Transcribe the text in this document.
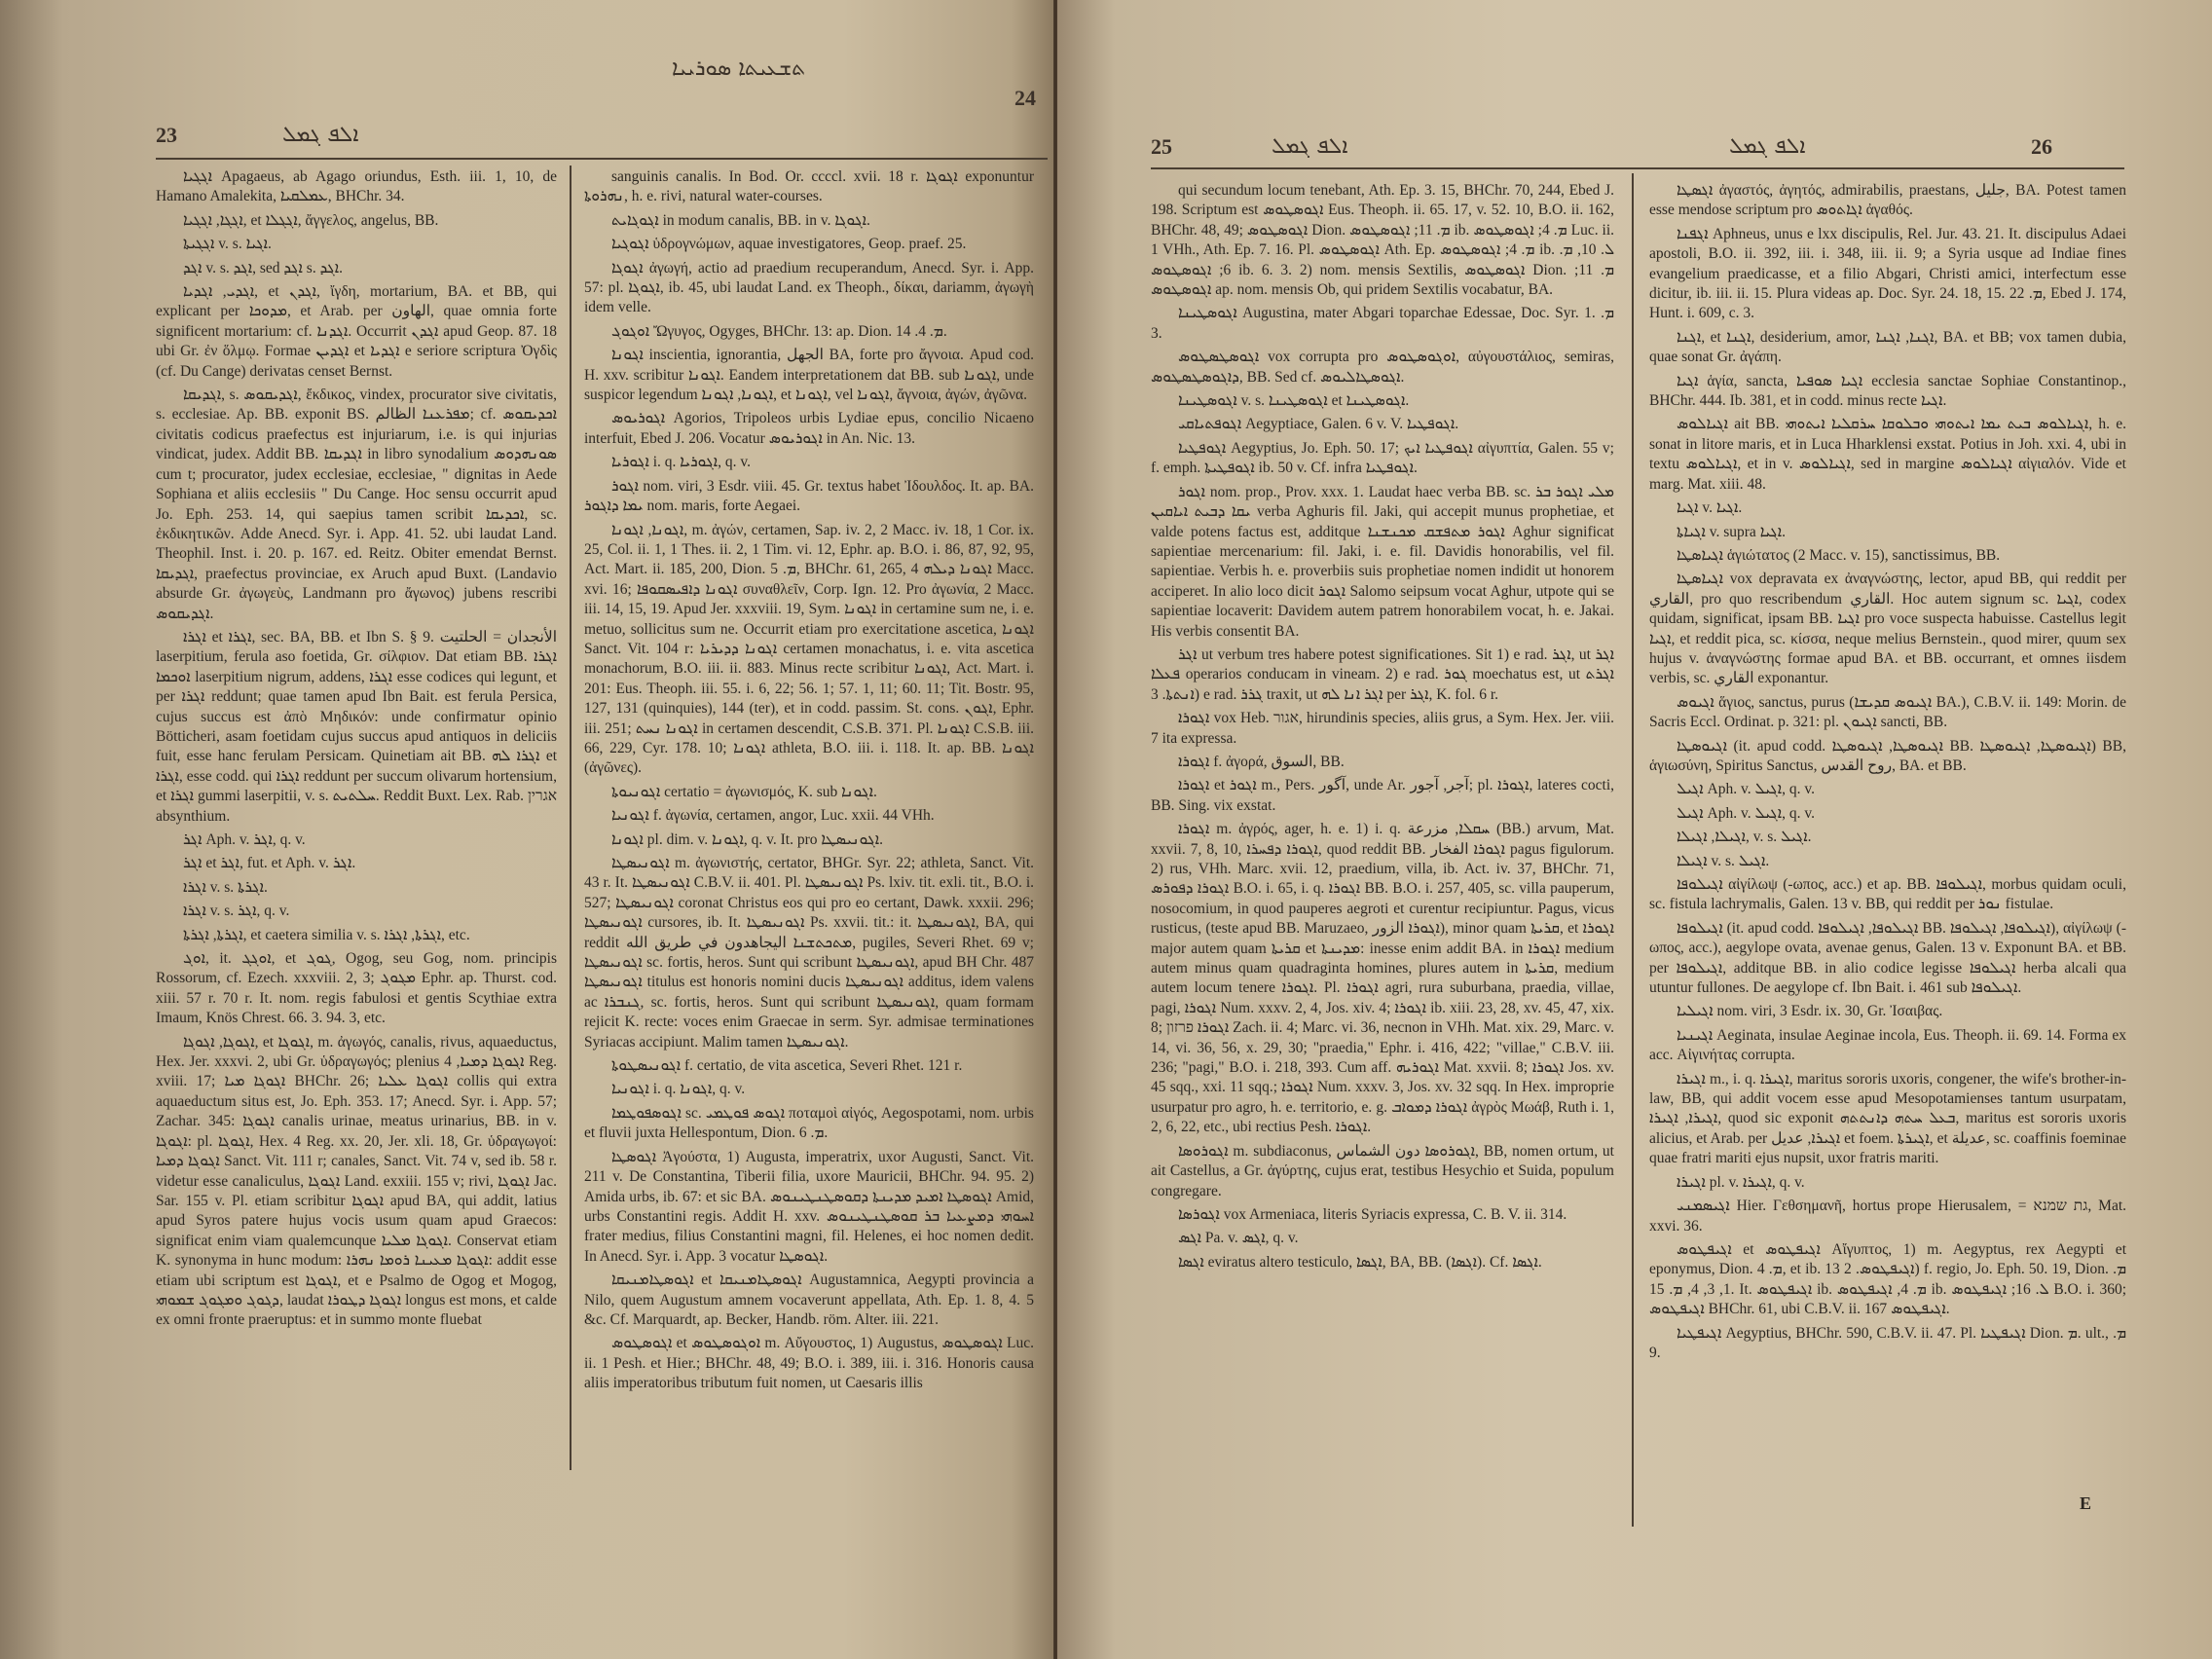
ܬܫܥܝܬܐ ܣܘܪܝܝܐ
23	ܐܠܦ ܓܡܠ
24

ܐܓܓܝܐ Apagaeus, ab Agago oriundus, Esth. iii. 1, 10, de Hamano Amalekita, ܥܡܠܩܝܐ, BHChr. 34.

ܐܓܓܐ, ܐܓܓܝܐ, et ܐܓܓܠܐ, ἄγγελος, angelus, BB.

ܐܓܓܝܬܐ v. s. ܐܓܝܐ.

ܐܓܕ v. s. ܐܓܕ, sed ܐܓܕ s. ܐܓܕ.

ܐܓܕܝ, ܐܓܕܝܐ, et ܐܓܕܢ, ἴγδη, mortarium, BA. et BB, qui explicant per ܡܕܘܟܐ, et Arab. per الهاون, quae omnia forte significent mortarium: cf. ܐܓܕܢܐ. Occurrit ܐܓܕܢ apud Geop. 87. 18 ubi Gr. ἐν ὅλμῳ. Formae ܐܓܕܝܢ et ܐܓܕܝܐ e seriore scriptura Ὀγδὶς (cf. Du Cange) derivatas censet Bernst.

ܐܓܕܝܩܐ, s. ܐܓܕܝܩܘܣ, ἔκδικος, vindex, procurator sive civitatis, s. ecclesiae. Ap. BB. exponit BS. ܡܦܪܥܢܐ الظالم; cf. ܐܟܕܝܩܘܣ civitatis codicus praefectus est injuriarum, i.e. is qui injurias vindicat, judex. Addit BB. ܐܓܕܝܩܐ in libro synodalium ܣܘܢܗܕܘܣ cum t; procurator, judex ecclesiae, ecclesiae, " dignitas in Aede Sophiana et aliis ecclesiis " Du Cange. Hoc sensu occurrit apud Jo. Eph. 253. 14, qui saepius tamen scribit ܐܟܕܝܩܐ, sc. ἐκδικητικῶν. Adde Anecd. Syr. i. App. 41. 52. ubi laudat Land. Theophil. Inst. i. 20. p. 167. ed. Reitz. Obiter emendat Bernst. ܐܓܕܝܩܐ, praefectus provinciae, ex Aruch apud Buxt. (Landavio absurde Gr. ἀγωγεὺς, Landmann pro ἄγωνος) jubens rescribi ܐܓܕܝܩܘܣ.

ܐܓܪܐ et ܐܓܪܐ, sec. BA, BB. et Ibn S. § 9. الأنجدان = الحلتيت laserpitium, ferula aso foetida, Gr. σίλφιον. Dat etiam BB. ܐܓܪܐ ܐܘܟܡܐ laserpitium nigrum, addens, ܐܓܪܐ esse codices qui legunt, et per ܐܓܪܐ reddunt; quae tamen apud Ibn Bait. est ferula Persica, cujus succus est ἀπὸ Μηδικόν: unde confirmatur opinio Bötticheri, asam foetidam cujus succus apud antiquos in deliciis fuit, esse hanc ferulam Persicam. Quinetiam ait BB. ܐܓܪܐ ܠܗ et ܐܓܪܐ, esse codd. qui ܐܓܪܐ reddunt per succum olivarum hortensium, et ܐܓܪܐ gummi laserpitii, v. s. ܚܠܬܝܬ. Reddit Buxt. Lex. Rab. אגרין absynthium.

ܐܓܪ Aph. v. ܐܓܪ, q. v.

ܐܓܪ et ܐܓܪ, fut. et Aph. v. ܐܓܪ.

ܐܓܪܐ v. s. ܐܓܪܬܐ.

ܐܓܪܐ v. s. ܐܓܪ, q. v.

ܐܓܪܬܐ, ܐܓܪܬܐ, et caetera similia v. s. ܐܓܪܬܐ, ܐܓܪܐ, etc.

ܐܘܓ, it. ܐܘܓܓ, et ܓܘܓ, Ogog, seu Gog, nom. principis Rossorum, cf. Ezech. xxxviii. 2, 3; ܡܓܘܓ Ephr. ap. Thurst. cod. xiii. 57 r. 70 r. It. nom. regis fabulosi et gentis Scythiae extra Imaum, Knös Chrest. 66. 3. 94. 3, etc.

ܐܓܘܓܐ, ܐܓܘܓܐ, et ܐܓܘܓܐ, m. ἀγωγός, canalis, rivus, aquaeductus, Hex. Jer. xxxvi. 2, ubi Gr. ὑδραγωγός; plenius ܐܓܘܓܐ ܕܡܝܐ, 4 Reg. xviii. 17; ܐܓܘܓܐ ܡܝܐ BHChr. 26; ܐܓܘܓܐ ܥܠܝܐ collis qui extra aquaeductum situs est, Jo. Eph. 353. 17; Anecd. Syr. i. App. 57; Zachar. 345: ܐܓܘܓܐ canalis urinae, meatus urinarius, BB. in v. ܐܓܘܓܐ: pl. ܐܓܘܓܐ, Hex. 4 Reg. xx. 20, Jer. xli. 18, Gr. ὑδραγωγοί: ܐܓܘܓܐ ܕܡܝܐ Sanct. Vit. 111 r; canales, Sanct. Vit. 74 v, sed ib. 58 r. videtur esse canaliculus, ܐܓܘܓܐ Land. exxiii. 155 v; rivi, ܐܓܘܓܐ Jac. Sar. 155 v. Pl. etiam scribitur ܐܓܘܓܐ apud BA, qui addit, latius apud Syros patere hujus vocis usum quam apud Graecos: significat enim viam qualemcunque ܐܓܘܓܐ ܡܠܝܐ. Conservat etiam K. synonyma in hunc modum: ܐܓܘܓܐ ܡܥܝܢܐ ܪܘܡܐ ܢܗܪܐ: addit esse etiam ubi scriptum est ܐܓܘܓܐ, et e Psalmo de Ogog et Mogog, ܕܓܘܓ ܘܡܓܘܓ ܫܡܘܗܝ, laudat ܐܓܘܓܐ ܕܛܘܪܐ longus est mons, et calde ex omni fronte praeruptus: et in summo monte fluebat

sanguinis canalis. In Bod. Or. ccccl. xvii. 18 r. ܐܓܘܓܐ exponuntur ܢܗܪܘܬܐ, h. e. rivi, natural water-courses.

ܐܓܘܓܐܝܬ in modum canalis, BB. in v. ܐܓܘܓܐ.

ܐܓܘܓܝܐ ὑδρογνώμων, aquae investigatores, Geop. praef. 25.

ܐܓܘܓܐ ἀγωγή, actio ad praedium recuperandum, Anecd. Syr. i. App. 57: pl. ܐܓܘܓܐ, ib. 45, ubi laudat Land. ex Theoph., δίκαι, dariamm, ἀγωγὴ idem velle.

ܐܘܓܘܓ Ὤγυγος, Ogyges, BHChr. 13: ap. Dion. ܡ. 4. 14.

ܐܓܘܢܐ inscientia, ignorantia, الجهل BA, forte pro ἄγνοια. Apud cod. H. xxv. scribitur ܐܓܘܢܐ. Eandem interpretationem dat BB. sub ܐܓܘܢܐ, unde suspicor legendum ܐܓܘܢܐ, ܐܓܘܢܐ, et ܐܓܘܢܐ, vel ܐܓܘܢܐ, ἄγνοια, ἀγών, ἀγῶνα.

ܐܓܘܪܝܘܣ Agorios, Tripoleos urbis Lydiae epus, concilio Nicaeno interfuit, Ebed J. 206. Vocatur ܐܓܘܪܝܘܣ in An. Nic. 13.

ܐܓܘܪܝܐ i. q. ܐܓܘܪܝܐ, q. v.

ܐܓܘܪ nom. viri, 3 Esdr. viii. 45. Gr. textus habet Ἰδουλδος. It. ap. BA. ܝܡܐ ܕܐܓܘܪ nom. maris, forte Aegaei.

ܐܓܘܢܐ, ܐܓܘܢܐ, m. ἀγών, certamen, Sap. iv. 2, 2 Macc. iv. 18, 1 Cor. ix. 25, Col. ii. 1, 1 Thes. ii. 2, 1 Tim. vi. 12, Ephr. ap. B.O. i. 86, 87, 92, 95, Act. Mart. ii. 185, 200, Dion. ܡ. 5, BHChr. 61, 265, ܐܓܘܢܐ ܕܝܠܗ 4 Macc. xvi. 16; ܐܓܘܢܐ ܕܐܦܝܣܩܘܦܐ συναθλεῖν, Corp. Ign. 12. Pro ἀγωνία, 2 Macc. iii. 14, 15, 19. Apud Jer. xxxviii. 19, Sym. ܐܓܘܢܐ in certamine sum ne, i. e. metuo, sollicitus sum ne. Occurrit etiam pro exercitatione ascetica, ܐܓܘܢܐ Sanct. Vit. 104 r: ܐܓܘܢܐ ܕܕܝܪܝܐ certamen monachatus, i. e. vita ascetica monachorum, B.O. iii. ii. 883. Minus recte scribitur ܐܓܘܢܐ, Act. Mart. i. 201: Eus. Theoph. iii. 55. i. 6, 22; 56. 1; 57. 1, 11; 60. 11; Tit. Bostr. 95, 127, 131 (quinquies), 144 (ter), et in codd. passim. St. cons. ܐܓܘܢ, Ephr. iii. 251; ܐܓܘܢܐ ܢܚܬ in certamen descendit, C.S.B. 371. Pl. ܐܓܘܢܐ C.S.B. iii. 66, 229, Cyr. 178. 10; ܐܓܘܢܐ athleta, B.O. iii. i. 118. It. ap. BB. ܐܓܘܢܐ (ἀγῶνες).

ܐܓܘܢܝܘܬܐ certatio = ἀγωνισμός, K. sub ܐܓܘܢܐ.

ܐܓܘܢܝܐ f. ἀγωνία, certamen, angor, Luc. xxii. 44 VHh.

ܐܓܘܢܐ pl. dim. v. ܐܓܘܢܐ, q. v. It. pro ܐܓܘܢܝܣܛܐ.

ܐܓܘܢܝܣܛܐ m. ἀγωνιστής, certator, BHGr. Syr. 22; athleta, Sanct. Vit. 43 r. It. ܐܓܘܢܝܣܛܐ C.B.V. ii. 401. Pl. ܐܓܘܢܝܣܛܐ Ps. lxiv. tit. exli. tit., B.O. i. 527; ܐܓܘܢܝܣܛܐ coronat Christus eos qui pro eo certant, Dawk. xxxii. 296; ܐܓܘܢܝܣܛܐ cursores, ib. It. ܐܓܘܢܝܣܛܐ Ps. xxvii. tit.: it. ܐܓܘܢܝܣܛܐ, BA, qui reddit ܡܬܟܬܫܢܐ اليجاهدون في طريق الله, pugiles, Severi Rhet. 69 v; ܐܓܘܢܝܣܛܐ sc. fortis, heros. Sunt qui scribunt ܐܓܘܢܝܣܛܐ, apud BH Chr. 487 ܐܓܘܢܝܣܛܐ titulus est honoris nomini ducis ܐܓܘܢܝܣܛܐ additus, idem valens ac ܓܢܒܪܐ, sc. fortis, heros. Sunt qui scribunt ܐܓܘܢܝܣܛܐ, quam formam rejicit K. recte: voces enim Graecae in serm. Syr. admisae terminationes Syriacas accipiunt. Malim tamen ܐܓܘܢܝܣܛܐ.

ܐܓܘܢܝܣܛܘܬܐ f. certatio, de vita ascetica, Severi Rhet. 121 r.

ܐܓܘܢܝܐ i. q. ܐܓܘܢܐ, q. v.

ܐܓܘܣܦܘܛܡܐ sc. ܐܓܘܣ ܦܘܛܡܝ ποταμοὶ αἰγός, Aegospotami, nom. urbis et fluvii juxta Hellespontum, Dion. ܡ. 6.

ܐܓܘܣܛܐ Ἀγούστα, 1) Augusta, imperatrix, uxor Augusti, Sanct. Vit. 211 v. De Constantina, Tiberii filia, uxore Mauricii, BHChr. 94. 95. 2) Amida urbs, ib. 67: et sic BA. ܐܓܘܣܛܐ ܐܡܝܕ ܡܕܝܢܬܐ ܕܩܘܣܛܢܛܝܢܘܣ Amid, urbs Constantini regis. Addit H. xxv. ܐܚܘܗܝ ܕܡܨܥܝܐ ܒܪ ܩܘܣܛܢܛܝܢܘܣ frater medius, filius Constantini magni, fil. Helenes, ei hoc nomen dedit. In Anecd. Syr. i. App. 3 vocatur ܐܓܘܣܛܐ.

ܐܓܘܣܛܐܡܢܝܩܐ et ܐܓܘܣܛܐܡܢܝܩܐ Augustamnica, Aegypti provincia a Nilo, quem Augustum amnem vocaverunt appellata, Ath. Ep. 1. 8, 4. 5 &c. Cf. Marquardt, ap. Becker, Handb. röm. Alter. iii. 221.

ܐܓܘܣܛܘܣ et ܐܘܓܘܣܛܘܣ m. Αὔγουστος, 1) Augustus, ܐܓܘܣܛܘܣ Luc. ii. 1 Pesh. et Hier.; BHChr. 48, 49; B.O. i. 389, iii. i. 316. Honoris causa aliis imperatoribus tributum fuit nomen, ut Caesaris illis

25	ܐܠܦ ܓܡܠ	ܐܠܦ ܓܡܠ	26

qui secundum locum tenebant, Ath. Ep. 3. 15, BHChr. 70, 244, Ebed J. 198. Scriptum est ܐܓܘܣܛܘܣ Eus. Theoph. ii. 65. 17, v. 52. 10, B.O. ii. 162, BHChr. 48, 49; ܐܓܘܣܛܘܣ Dion. ܡ. 11; ܐܓܘܣܛܘܣ ib. ܡ. 4; ܐܓܘܣܛܘܣ Luc. ii. 1 VHh., Ath. Ep. 7. 16. Pl. ܐܓܘܣܛܘܣ Ath. Ep. ܡ. 4; ܐܓܘܣܛܘܣ ib. ܠ. 10, ܡ. 6; ܐܓܘܣܛܘܣ ib. 6. 3. 2) nom. mensis Sextilis, ܐܓܘܣܛܘܣ Dion. ܡ. 11; ܐܓܘܣܛܘܣ ap. nom. mensis Ob, qui pridem Sextilis vocabatur, BA.

ܐܓܘܣܛܝܢܐ Augustina, mater Abgari toparchae Edessae, Doc. Syr. 1. ܡ. 3.

ܐܓܘܣܛܣܛܘܣ vox corrupta pro ܐܘܓܘܣܛܘܣ, αὐγουστάλιος, semiras, ܕܐܓܘܣܛܣܛܘܣ, BB. Sed cf. ܐܓܘܣܛܐܠܝܘܣ.

ܐܓܘܣܛܝܢܐ v. s. ܐܓܘܣܛܝܢܐ et ܐܓܘܣܛܝܢܐ.

ܐܓܘܦܬܝܐܩܝ Aegyptiace, Galen. 6 v. V. ܐܓܘܦܛܝܐ.

ܐܓܘܦܛܝܐ Aegyptius, Jo. Eph. 50. 17; ܐܓܘܦܛܝܐ ܐܝܟ αἰγυπτία, Galen. 55 v; f. emph. ܐܓܘܦܛܝܬܐ ib. 50 v. Cf. infra ܐܓܘܦܛܝܐ.

ܐܓܘܪ nom. prop., Prov. xxx. 1. Laudat haec verba BB. sc. ܡܠܝ ܐܓܘܪ ܒܪ ܝܩܐ ܕܒܝܬ ܐܝܐܩܝܢ verba Aghuris fil. Jaki, qui accepit munus prophetiae, et valde potens factus est, additque ܐܓܘܪ ܡܬܦܫܩ ܡܟܢܫܢܐ Aghur significat sapientiae mercenarium: fil. Jaki, i. e. fil. Davidis honorabilis, vel fil. sapientiae. Verbis h. e. proverbiis suis prophetiae nomen indidit ut honorem acciperet. In alio loco dicit ܐܓܘܪ Salomo seipsum vocat Aghur, utpote qui se sapientiae locaverit: Davidem autem patrem honorabilem vocat, h. e. Jakai. His verbis consentit BA.

ܐܓܪ ut verbum tres habere potest significationes. Sit 1) e rad. ܐܓܪ, ut ܐܓܪ ܦܥܠܐ operarios conducam in vineam. 2) e rad. ܓܘܪ moechatus est, ut ܐܓܪܬ ܐܢܬܬܐ. 3) e rad. ܓܪܪ traxit, ut ܐܓܪ ܐܢܐ ܠܗ per ܐܓܪ, K. fol. 6 r.

ܐܓܘܪܐ vox Heb. אגור, hirundinis species, aliis grus, a Sym. Hex. Jer. viii. 7 ita expressa.

ܐܓܘܪܐ f. ἀγορά, السوق, BB.

ܐܓܘܪܐ et ܐܓܘܪ m., Pers. آگور, unde Ar. آجر, آجور; pl. ܐܓܘܪܐ, lateres cocti, BB. Sing. vix exstat.

ܐܓܘܪܐ m. ἀγρός, ager, h. e. 1) i. q. ܚܩܠܐ, مزرعة (BB.) arvum, Mat. xxvii. 7, 8, 10, ܐܓܘܪܐ ܕܦܚܪܐ, quod reddit BB. ܐܓܘܪܐ الفخار pagus figulorum. 2) rus, VHh. Marc. xvii. 12, praedium, villa, ib. Act. iv. 37, BHChr. 71, ܐܓܘܪܐ ܕܦܘܪܣ B.O. i. 65, i. q. ܐܓܘܪܐ BB. B.O. i. 257, 405, sc. villa pauperum, nosocomium, in quod pauperes aegroti et curentur recipiuntur. Pagus, vicus rusticus, (teste apud BB. Maruzaeo, ܐܓܘܪܐ الزور), minor quam ܩܪܝܬܐ, et ܐܓܘܪܐ major autem quam ܩܪܝܬܐ et ܡܕܝܢܬܐ: inesse enim addit BA. in ܐܓܘܪܐ medium autem minus quam quadraginta homines, plures autem in ܩܪܝܬܐ, medium autem locum tenere ܐܓܘܪܐ. Pl. ܐܓܘܪܐ agri, rura suburbana, praedia, villae, pagi, ܐܓܘܪܐ Num. xxxv. 2, 4, Jos. xiv. 4; ܐܓܘܪܐ ib. xiii. 23, 28, xv. 45, 47, xix. 8; ܐܓܘܪܐ פרזון Zach. ii. 4; Marc. vi. 36, necnon in VHh. Mat. xix. 29, Marc. v. 14, vi. 36, 56, x. 29, 30; "praedia," Ephr. i. 416, 422; "villae," C.B.V. iii. 236; "pagi," B.O. i. 218, 393. Cum aff. ܐܓܘܪܝܗ Mat. xxvii. 8; ܐܓܘܪܐ Jos. xv. 45 sqq., xxi. 11 sqq.; ܐܓܘܪܐ Num. xxxv. 3, Jos. xv. 32 sqq. In Hex. improprie usurpatur pro agro, h. e. territorio, e. g. ܐܓܘܪܐ ܕܡܘܐܒ ἀγρὸς Μωάβ, Ruth i. 1, 2, 6, 22, etc., ubi rectius Pesh. ܐܓܘܪܐ.

ܐܓܘܪܘܣܐ m. subdiaconus, ܐܓܘܪܘܣܐ دون الشماس, BB, nomen ortum, ut ait Castellus, a Gr. ἀγύρτης, cujus erat, testibus Hesychio et Suida, populum congregare.

ܐܓܘܪܣܐ vox Armeniaca, literis Syriacis expressa, C. B. V. ii. 314.

ܐܓܣ Pa. v. ܐܓܣ, q. v.

ܐܓܣܐ eviratus altero testiculo, ܐܓܣܐ, BA, BB. (ܐܓܣܐ). Cf. ܐܓܣܐ.

ܐܓܣܛܐ ἀγαστός, ἀγητός, admirabilis, praestans, جليل, BA. Potest tamen esse mendose scriptum pro ܐܓܐܬܘܣ ἀγαθός.

ܐܓܦܢܐ Aphneus, unus e lxx discipulis, Rel. Jur. 43. 21. It. discipulus Adaei apostoli, B.O. ii. 392, iii. i. 348, iii. ii. 9; a Syria usque ad Indiae fines evangelium praedicasse, et a filio Abgari, Christi amici, interfectum esse dicitur, ib. iii. ii. 15. Plura videas ap. Doc. Syr. 24. 18, 15. ܡ. 22, Ebed J. 174, Hunt. i. 609, c. 3.

ܐܓܢܐ, et ܐܓܢܐ, desiderium, amor, ܐܓܢܐ, ܐܓܢܐ, BA. et BB; vox tamen dubia, quae sonat Gr. ἀγάπη.

ܐܓܝܐ ἁγία, sancta, ܐܓܝܐ ܣܘܦܝܐ ecclesia sanctae Sophiae Constantinop., BHChr. 444. Ib. 381, et in codd. minus recte ܐܓܝܐ.

ܐܓܝܐܠܘܣ ait BB. ܐܓܝܐܠܘܣ ܒܝܬ ܝܡܐ ܐܝܬܘܗܝ ܘܒܠܘܩܐ ܚܪܩܠܝܐ ܐܝܬܘܗܝ, h. e. sonat in litore maris, et in Luca Hharklensi exstat. Potius in Joh. xxi. 4, ubi in textu ܐܓܝܐܠܘܣ, et in v. ܐܓܝܐܠܘܣ, sed in margine ܐܓܝܐܠܘܣ αἰγιαλόν. Vide et marg. Mat. xiii. 48.

ܐܓܝܐ v. ܐܓܝܐ.

ܐܓܝܐܬܐ v. supra ܐܓܝܐ.

ܐܓܝܐܣܛܐ ἁγιώτατος (2 Macc. v. 15), sanctissimus, BB.

ܐܓܝܐܣܛܐ vox depravata ex ἀναγνώστης, lector, apud BB, qui reddit per القاري, pro quo rescribendum القاري. Hoc autem signum sc. ܐܓܝܐ, codex quidam, significat, ipsam BB. ܐܓܝܐ pro voce suspecta habuisse. Castellus legit ܐܓܝܐ, et reddit pica, sc. κίσσα, neque melius Bernstein., quod mirer, quum sex hujus v. ἀναγνώστης formae apud BA. et BB. occurrant, et omnes iisdem verbis, sc. القاري exponantur.

ܐܓܝܘܣ ἅγιος, sanctus, purus (ܐܓܝܘܣ ܩܕܝܫܐ BA.), C.B.V. ii. 149: Morin. de Sacris Eccl. Ordinat. p. 321: pl. ܐܓܝܘܢ sancti, BB.

ܐܓܝܘܣܛܐ (it. apud codd. ܐܓܝܘܣܛܐ, ܐܓܝܘܣܛܐ BB. ܐܓܝܘܣܛܐ, ܐܓܝܘܣܛܐ) BB, ἁγιωσύνη, Spiritus Sanctus, روح القدس, BA. et BB.

ܐܓܝܠ Aph. v. ܐܓܝܠ, q. v.

ܐܓܝܠ Aph. v. ܐܓܝܠ, q. v.

ܐܓܝܠܐ, ܐܓܝܠܐ, v. s. ܐܓܝܠ.

ܐܓܝܠܐ v. s. ܐܓܝܠ.

ܐܓܝܠܘܦܐ αἰγίλωψ (-ωπος, acc.) et ap. BB. ܐܓܝܠܘܦܐ, morbus quidam oculi, sc. fistula lachrymalis, Galen. 13 v. BB, qui reddit per ܢܘܪ fistulae.

ܐܓܝܠܘܦܐ (it. apud codd. ܐܓܝܠܘܦܐ, ܐܓܝܠܘܦܐ BB. ܐܓܝܠܘܦܐ, ܐܓܝܠܘܦܐ), αἰγίλωψ (-ωπος, acc.), aegylope ovata, avenae genus, Galen. 13 v. Exponunt BA. et BB. per ܐܓܝܠܘܦܐ, additque BB. in alio codice legisse ܐܓܝܠܘܦܐ herba alcali qua utuntur fullones. De aegylope cf. Ibn Bait. i. 461 sub ܐܓܝܠܘܦܐ.

ܐܓܝܠܝܐ nom. viri, 3 Esdr. ix. 30, Gr. Ἰσαιβας.

ܐܓܝܢܝܐ Aeginata, insulae Aeginae incola, Eus. Theoph. ii. 69. 14. Forma ex acc. Αἰγινήτας corrupta.

ܐܓܝܪܐ m., i. q. ܐܓܝܪܐ, maritus sororis uxoris, congener, the wife's brother-in-law, BB, qui addit vocem esse apud Mesopotamienses tantum usurpatam, ܐܓܝܪܐ, ܐܓܝܪܐ, quod sic exponit ܒܥܠ ܚܬܗ ܕܐܢܬܬܗ, maritus est sororis uxoris alicius, et Arab. per ܐܓܝܪܐ, عديل et foem. ܐܓܝܪܬܐ, et عديلة, sc. coaffinis foeminae quae fratri mariti ejus nupsit, uxor fratris mariti.

ܐܓܝܪܐ pl. v. ܐܓܝܪܐ, q. v.

ܐܓܝܣܡܢܝ Hier. Γεθσημανῆ, hortus prope Hierusalem, = גת שמנא, Mat. xxvi. 36.

ܐܓܝܦܛܘܣ et ܐܓܝܦܛܘܣ Αἴγυπτος, 1) m. Aegyptus, rex Aegypti et eponymus, Dion. ܡ. 4, et ib. 13 ܐܓܝܦܛܘܣ. 2) f. regio, Jo. Eph. 50. 19, Dion. ܡ. 1, 3, 4, ܡ. 15. It. ܐܓܝܦܛܘܣ ib. ܡ. 4, ܐܓܝܦܛܘܣ ib. ܠ. 16; ܐܓܝܦܛܘܣ B.O. i. 360; ܐܓܝܦܛܘܣ BHChr. 61, ubi C.B.V. ii. 167 ܐܓܝܦܛܘܣ.

ܐܓܝܦܛܝܐ Aegyptius, BHChr. 590, C.B.V. ii. 47. Pl. ܐܓܝܦܛܝܐ Dion. ܡ. ult., ܡ. 9.

E
